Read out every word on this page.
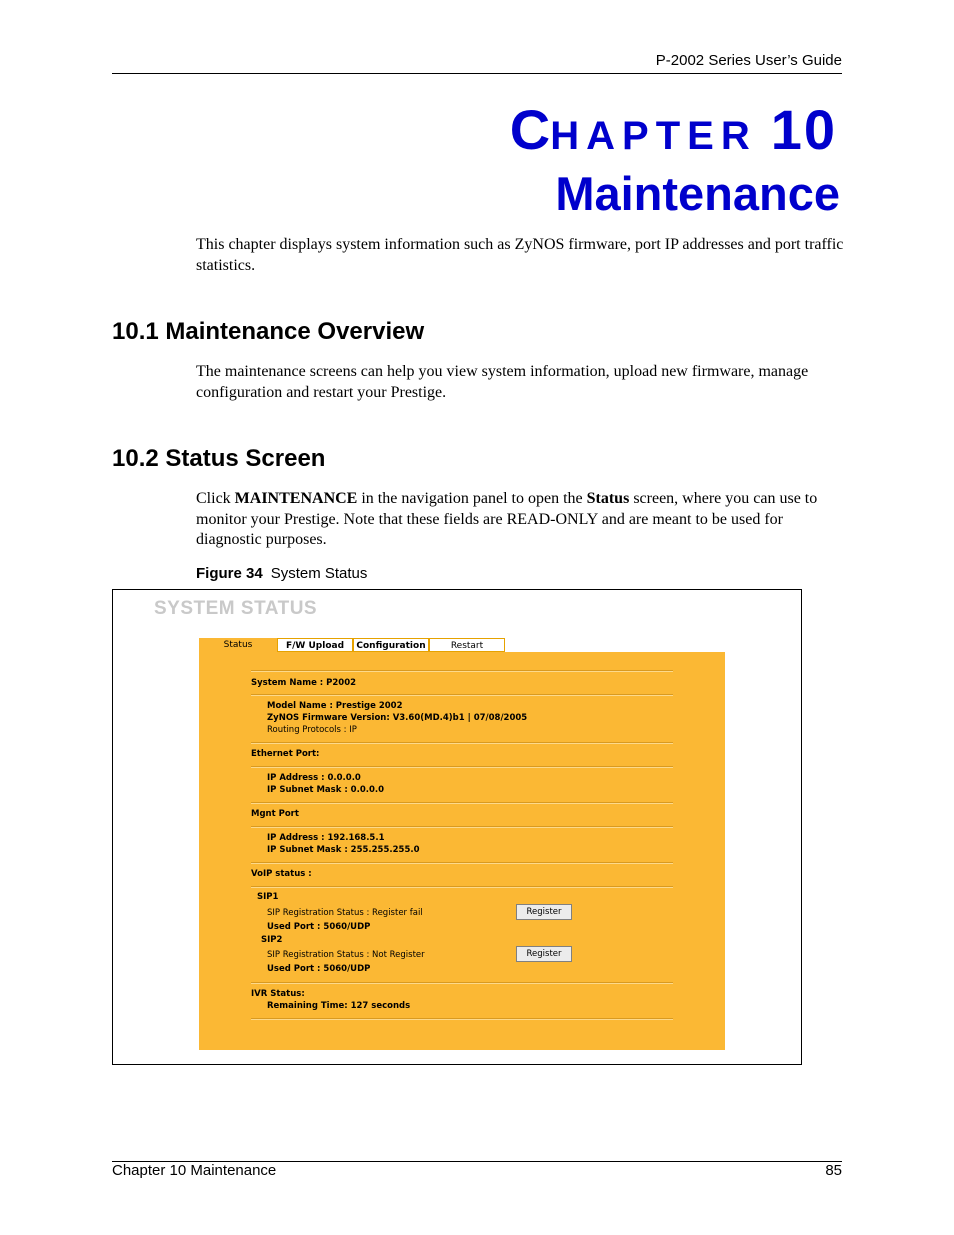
P-2002 Series User’s Guide
CHAPTER 10
Maintenance
This chapter displays system information such as ZyNOS firmware, port IP addresses and port traffic statistics.
10.1 Maintenance Overview
The maintenance screens can help you view system information, upload new firmware, manage configuration and restart your Prestige.
10.2 Status Screen
Click MAINTENANCE in the navigation panel to open the Status screen, where you can use to monitor your Prestige. Note that these fields are READ-ONLY and are meant to be used for diagnostic purposes.
Figure 34 System Status
SYSTEM STATUS
Status	F/W Upload	Configuration	Restart
System Name : P2002
Model Name : Prestige 2002
ZyNOS Firmware Version: V3.60(MD.4)b1 | 07/08/2005
Routing Protocols : IP
Ethernet Port:
IP Address : 0.0.0.0
IP Subnet Mask : 0.0.0.0
Mgnt Port
IP Address : 192.168.5.1
IP Subnet Mask : 255.255.255.0
VoIP status :
SIP1
SIP Registration Status : Register fail	Register
Used Port : 5060/UDP
SIP2
SIP Registration Status : Not Register	Register
Used Port : 5060/UDP
IVR Status:
Remaining Time: 127 seconds
Chapter 10 Maintenance	85
